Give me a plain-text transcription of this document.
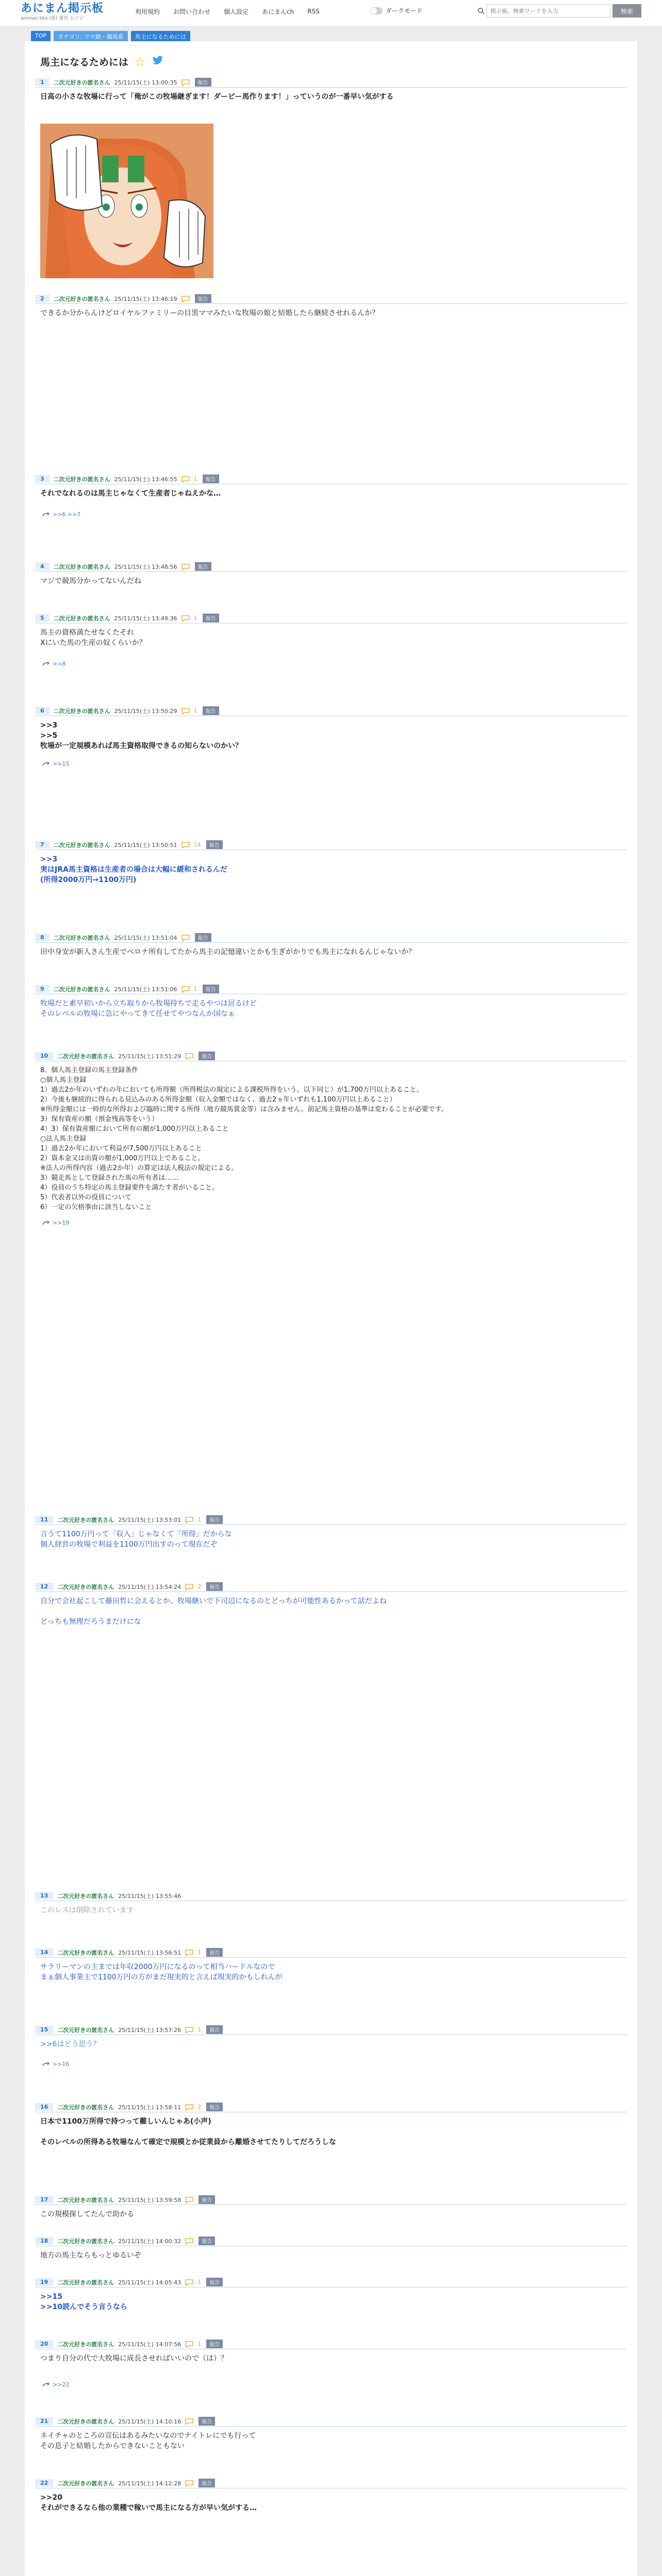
あにまん掲示板
animan bbs (仮) 運営:ヒツジ
利用規約 お問い合わせ 個人設定 あにまんch RSS	ダークモード
掲示板、検索ワードを入力	検索
TOP	カテゴリ: ウマ娘・競馬系	馬主になるためには
馬主になるためには ☆
1	二次元好きの匿名さん 25/11/15(土) 13:00:35	報告
日高の小さな牧場に行って「俺がこの牧場継ぎます！ダービー馬作ります！」っていうのが一番早い気がする
2	二次元好きの匿名さん 25/11/15(土) 13:46:19	報告
できるか分からんけどロイヤルファミリーの目黒ママみたいな牧場の娘と結婚したら継続させれるんか？
3	二次元好きの匿名さん 25/11/15(土) 13:46:55	1	報告
それでなれるのは馬主じゃなくて生産者じゃねえかな…
>>6 >>7
4	二次元好きの匿名さん 25/11/15(土) 13:48:56	報告
マジで競馬分かってないんだね
5	二次元好きの匿名さん 25/11/15(土) 13:49:36	1	報告
馬主の資格満たせなくたそれ
Xにいた馬の生産の奴くらいか？
>>8
6	二次元好きの匿名さん 25/11/15(土) 13:50:29	1	報告
>>3
>>5
牧場が一定規模あれば馬主資格取得できるの知らないのかい？
>>15
7	二次元好きの匿名さん 25/11/15(土) 13:50:51	14	報告
>>3
実はJRA馬主資格は生産者の場合は大幅に緩和されるんだ
(所得2000万円→1100万円)
8	二次元好きの匿名さん 25/11/15(土) 13:51:04	報告
田中身安が新人さん生産でベロナ所有してたから馬主の記憶違いとかも生ぎがかりでも馬主になれるんじゃないか？
9	二次元好きの匿名さん 25/11/15(土) 13:51:06	1	報告
牧場だと素早初いから立ち取りから牧場持ちで走るやつは居るけど
そのレベルの牧場に急にやってきて任せてやつなんか国なぁ
10	二次元好きの匿名さん 25/11/15(土) 13:51:29	報告
8．個人馬主登録の馬主登録条件
○個人馬主登録
1）過去2か年のいずれの年においても所得額（所得税法の規定による課税所得をいう。以下同じ）が1,700万円以上あること。
2）今後も継続的に得られる見込みのある所得金額（収入金額ではなく、過去2ヵ年いずれも1,100万円以上あること）
※所得金額には一時的な所得および臨時に関する所得（地方競馬賞金等）は含みません。前記馬主資格の基準は変わることが必要です。
3）保有資産の額（預金残高等をいう）
4）3）保有資産額において所有の額が1,000万円以上あること
○法人馬主登録
1）過去2か年において利益が7,500万円以上あること
2）資本金又は出資の額が1,000万円以上であること。
※法人の所得内容（過去2か年）の算定は法人税法の規定による。
3）競走馬として登録された馬の所有者は……
4）役員のうち特定の馬主登録要件を満たす者がいること。
5）代表者以外の役員について
6）一定の欠格事由に該当しないこと
>>19
11	二次元好きの匿名さん 25/11/15(土) 13:53:01	1	報告
言うて1100万円って「収入」じゃなくて「所得」だからな
個人経営の牧場で利益を1100万円出すのって現在だぞ
12	二次元好きの匿名さん 25/11/15(土) 13:54:24	2	報告
自分で会社起こして藤田哲に会えるとか、牧場継いで下司辺になるのとどっちが可能性あるかって話だよね

どっちも無理だろうまだけにな
13	二次元好きの匿名さん 25/11/15(土) 13:55:46
このレスは削除されています
14	二次元好きの匿名さん 25/11/15(土) 13:56:51	1	報告
サラリーマンの主までは年収2000万円になるのって相当ハードルなので
まぁ個人事業主で1100万円の方がまだ現実的と言えば現実的かもしれんが
15	二次元好きの匿名さん 25/11/15(土) 13:57:26	1	報告
>>6はどう思う？
>>16
16	二次元好きの匿名さん 25/11/15(土) 13:58:11	2	報告
日本で1100万所得で持つって難しいんじゃあ(小声)

そのレベルの所得ある牧場なんて確定で規模とか従業員から離婚させてたりしてだろうしな
17	二次元好きの匿名さん 25/11/15(土) 13:59:58	報告
この規模探してたんで助かる
18	二次元好きの匿名さん 25/11/15(土) 14:00:32	報告
地方の馬主ならもっとゆるいぞ
19	二次元好きの匿名さん 25/11/15(土) 14:05:43	1	報告
>>15
>>10読んでそう言うなら
20	二次元好きの匿名さん 25/11/15(土) 14:07:56	1	報告
つまり自分の代で大牧場に成長させればいいので（は）？
>>22
21	二次元好きの匿名さん 25/11/15(土) 14:10:16	報告
ネイチャのところの宣伝はあるみたいなのでナイトレにでも行って
その息子と結婚したからできないこともない
22	二次元好きの匿名さん 25/11/15(土) 14:12:28	報告
>>20
それができるなら他の業種で稼いで馬主になる方が早い気がする…
